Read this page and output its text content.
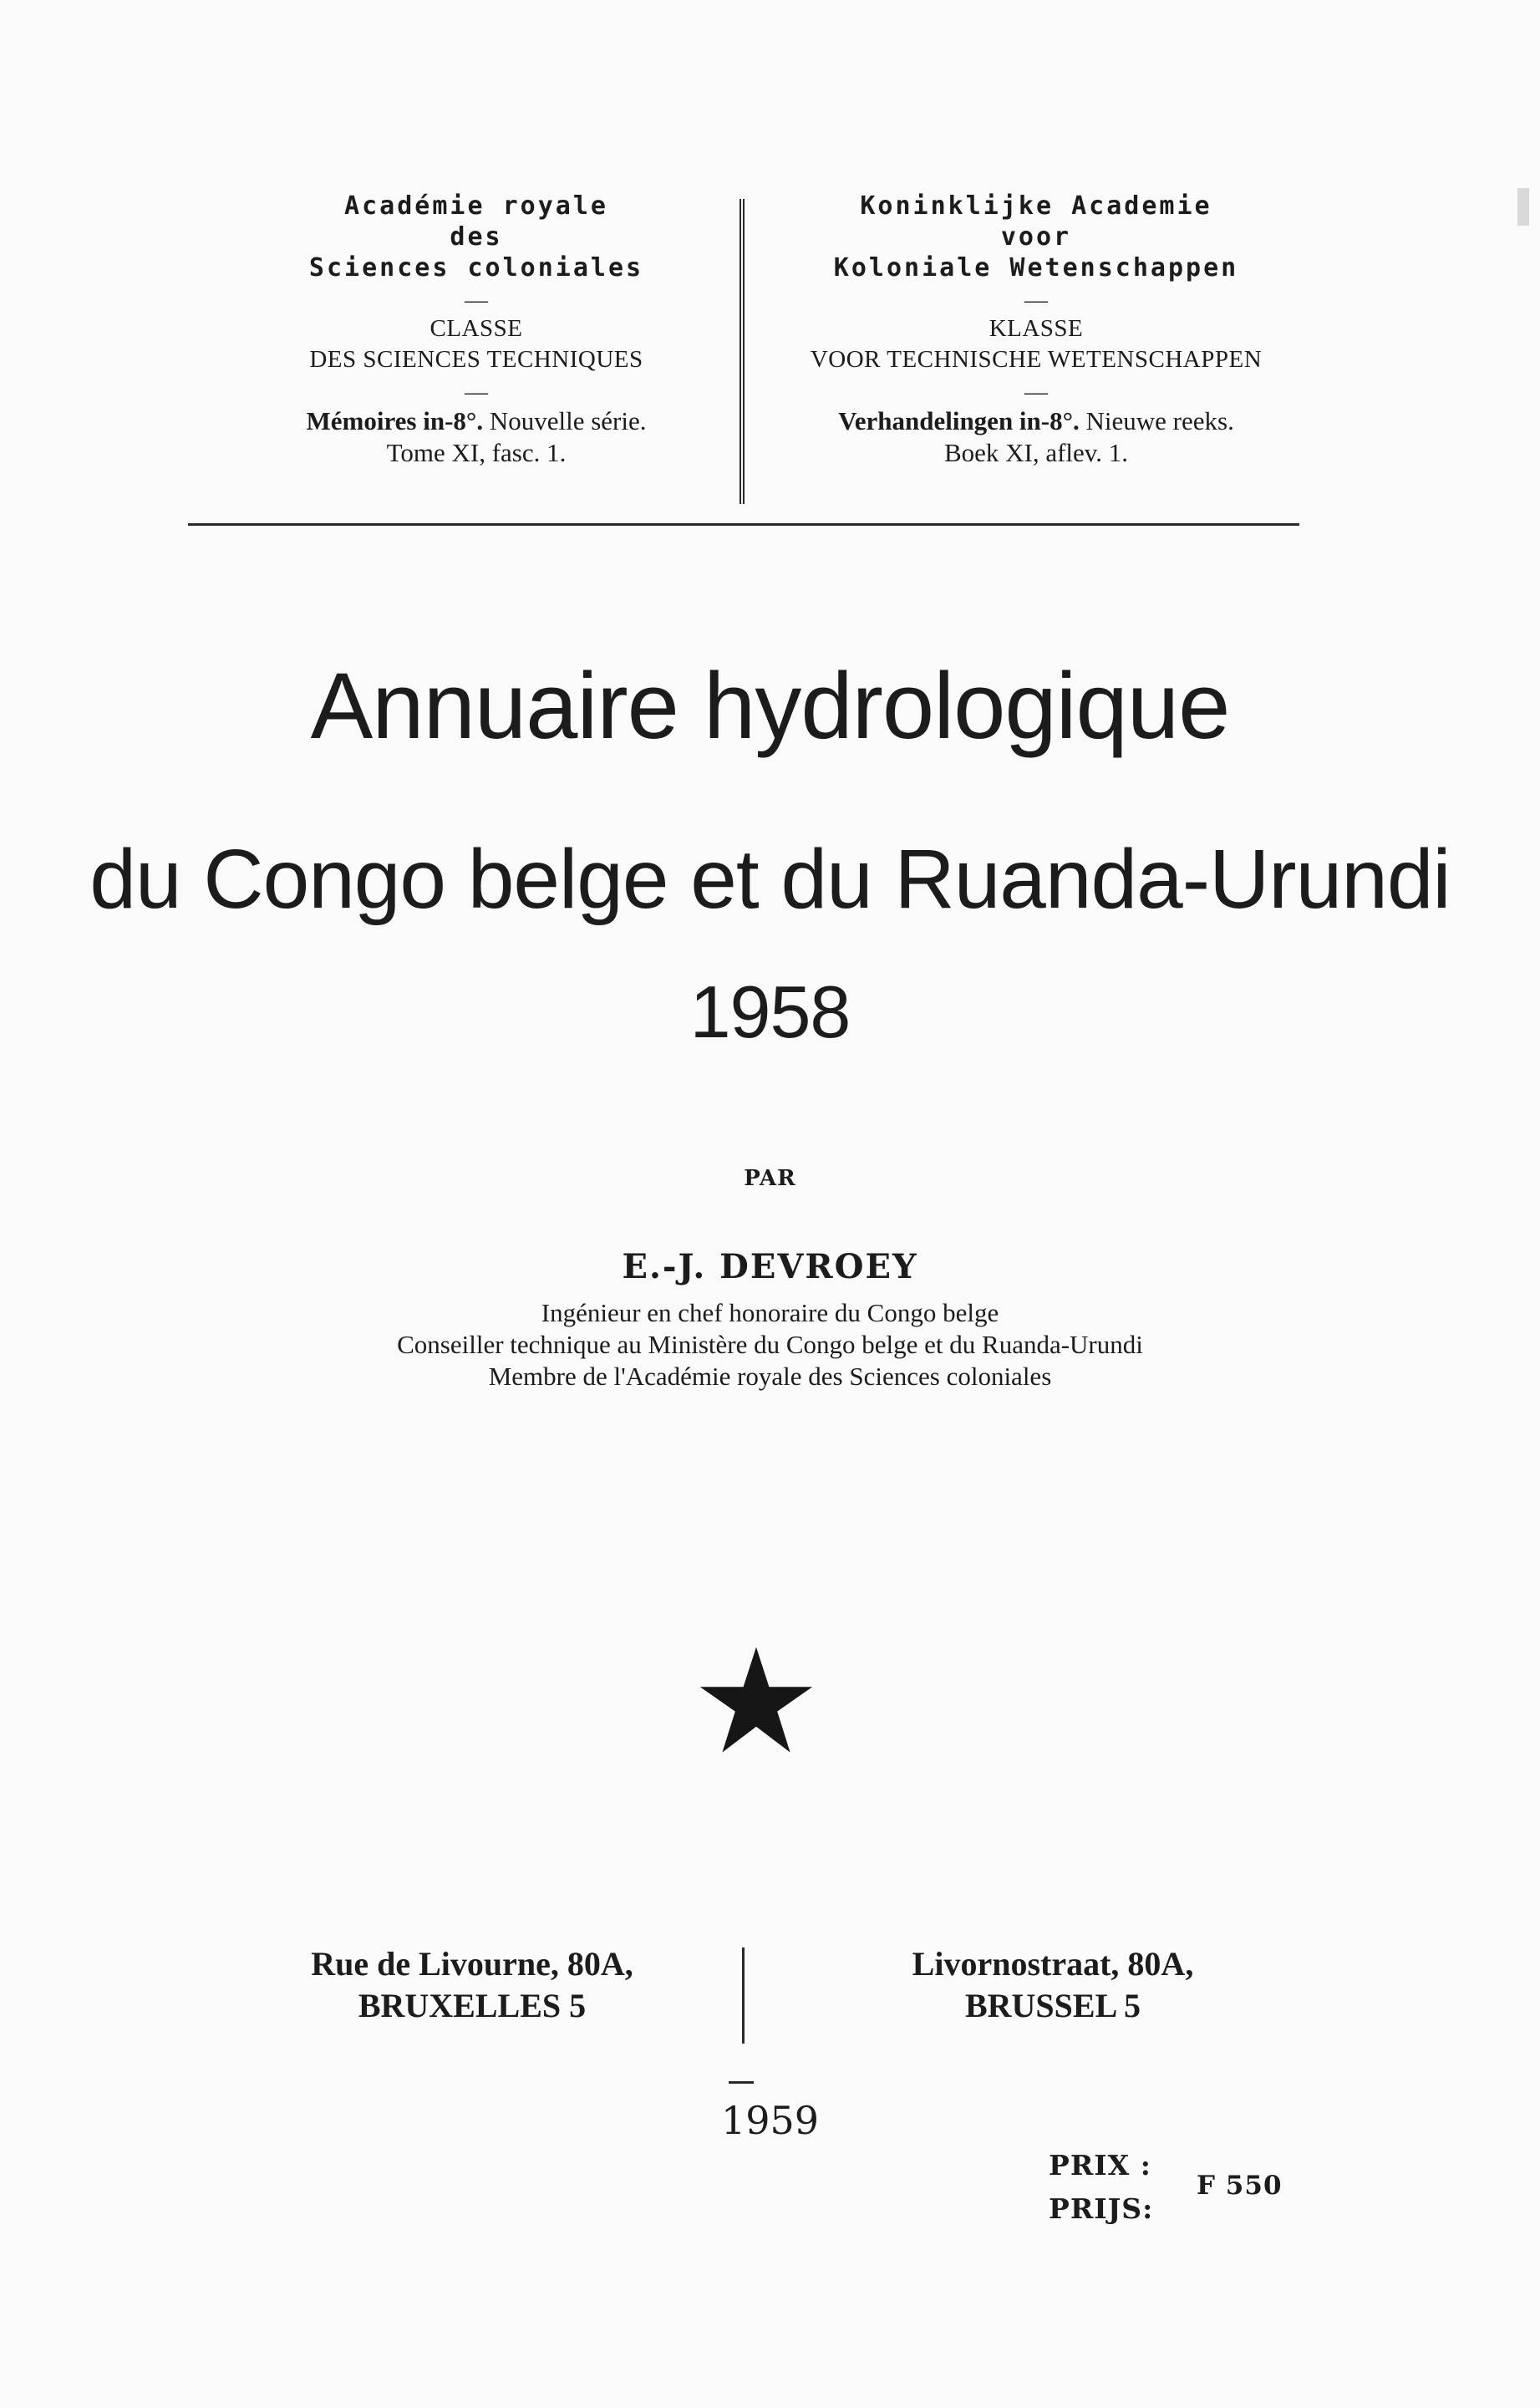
Académie royale
des
Sciences coloniales
—
CLASSE
DES SCIENCES TECHNIQUES
—
Mémoires in-8°. Nouvelle série.
Tome XI, fasc. 1.
Koninklijke Academie
voor
Koloniale Wetenschappen
—
KLASSE
VOOR TECHNISCHE WETENSCHAPPEN
—
Verhandelingen in-8°. Nieuwe reeks.
Boek XI, aflev. 1.
Annuaire hydrologique
du Congo belge et du Ruanda-Urundi
1958
PAR
E.-J. DEVROEY
Ingénieur en chef honoraire du Congo belge
Conseiller technique au Ministère du Congo belge et du Ruanda-Urundi
Membre de l'Académie royale des Sciences coloniales
Rue de Livourne, 80A,
BRUXELLES 5
Livornostraat, 80A,
BRUSSEL 5
1959
PRIX :
PRIJS:
F 550
